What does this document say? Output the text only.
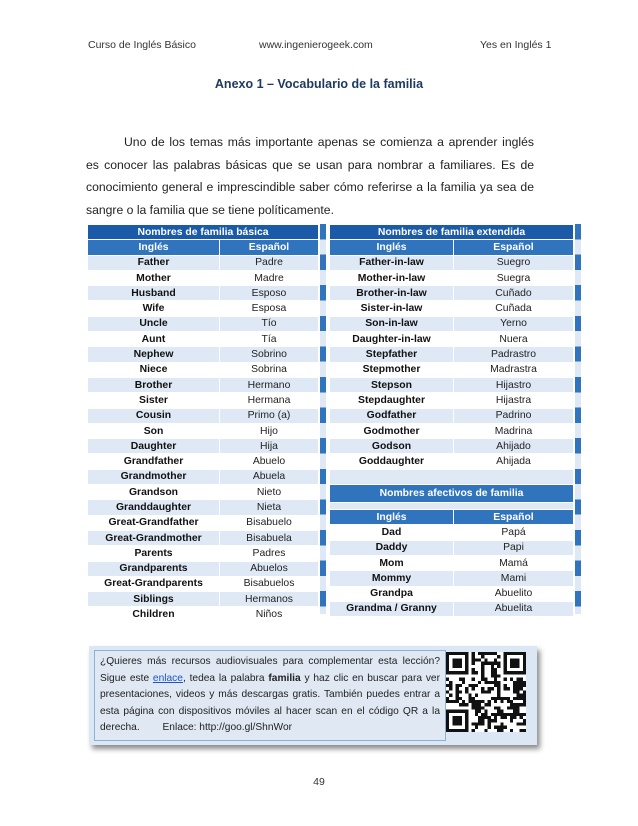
Curso de Inglés Básico	www.ingenierogeek.com	Yes en Inglés 1
Anexo 1 – Vocabulario de la familia
Uno de los temas más importante apenas se comienza a aprender inglés es conocer las palabras básicas que se usan para nombrar a familiares. Es de conocimiento general e imprescindible saber cómo referirse a la familia ya sea de sangre o la familia que se tiene políticamente.
Nombres de familia básica	
Inglés	Español
Father	Padre
Mother	Madre
Husband	Esposo
Wife	Esposa
Uncle	Tío
Aunt	Tía
Nephew	Sobrino
Niece	Sobrina
Brother	Hermano
Sister	Hermana
Cousin	Primo (a)
Son	Hijo
Daughter	Hija
Grandfather	Abuelo
Grandmother	Abuela
Grandson	Nieto
Granddaughter	Nieta
Great-Grandfather	Bisabuelo
Great-Grandmother	Bisabuela
Parents	Padres
Grandparents	Abuelos
Great-Grandparents	Bisabuelos
Siblings	Hermanos
Children	Niños
Nombres de familia extendida	
Inglés	Español
Father-in-law	Suegro
Mother-in-law	Suegra
Brother-in-law	Cuñado
Sister-in-law	Cuñada
Son-in-law	Yerno
Daughter-in-law	Nuera
Stepfather	Padrastro
Stepmother	Madrastra
Stepson	Hijastro
Stepdaughter	Hijastra
Godfather	Padrino
Godmother	Madrina
Godson	Ahijado
Goddaughter	Ahijada

Nombres afectivos de familia	

Inglés	Español
Dad	Papá
Daddy	Papi
Mom	Mamá
Mommy	Mami
Grandpa	Abuelito
Grandma / Granny	Abuelita
¿Quieres más recursos audiovisuales para complementar esta lección? Sigue este enlace, tedea la palabra familia y haz clic en buscar para ver presentaciones, videos y más descargas gratis. También puedes entrar a esta página con dispositivos móviles al hacer scan en el código QR a la derecha. Enlace: http://goo.gl/ShnWor
49
